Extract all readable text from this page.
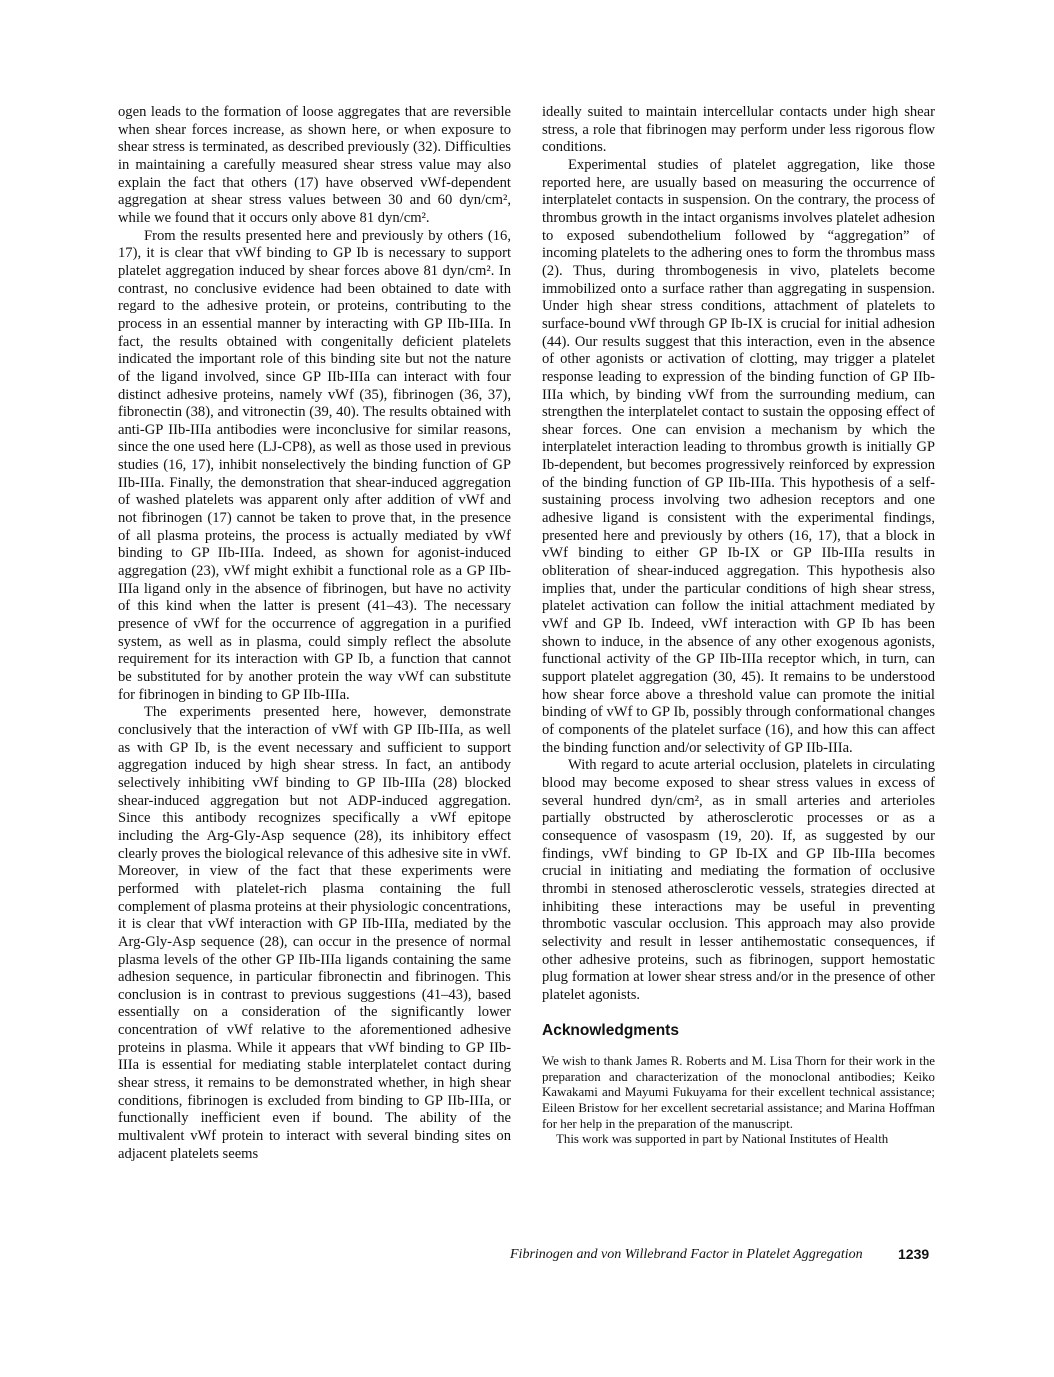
ogen leads to the formation of loose aggregates that are reversible when shear forces increase, as shown here, or when exposure to shear stress is terminated, as described previously (32). Difficulties in maintaining a carefully measured shear stress value may also explain the fact that others (17) have observed vWf-dependent aggregation at shear stress values between 30 and 60 dyn/cm², while we found that it occurs only above 81 dyn/cm².

From the results presented here and previously by others (16, 17), it is clear that vWf binding to GP Ib is necessary to support platelet aggregation induced by shear forces above 81 dyn/cm². In contrast, no conclusive evidence had been obtained to date with regard to the adhesive protein, or proteins, contributing to the process in an essential manner by interacting with GP IIb-IIIa. In fact, the results obtained with congenitally deficient platelets indicated the important role of this binding site but not the nature of the ligand involved, since GP IIb-IIIa can interact with four distinct adhesive proteins, namely vWf (35), fibrinogen (36, 37), fibronectin (38), and vitronectin (39, 40). The results obtained with anti-GP IIb-IIIa antibodies were inconclusive for similar reasons, since the one used here (LJ-CP8), as well as those used in previous studies (16, 17), inhibit nonselectively the binding function of GP IIb-IIIa. Finally, the demonstration that shear-induced aggregation of washed platelets was apparent only after addition of vWf and not fibrinogen (17) cannot be taken to prove that, in the presence of all plasma proteins, the process is actually mediated by vWf binding to GP IIb-IIIa. Indeed, as shown for agonist-induced aggregation (23), vWf might exhibit a functional role as a GP IIb-IIIa ligand only in the absence of fibrinogen, but have no activity of this kind when the latter is present (41–43). The necessary presence of vWf for the occurrence of aggregation in a purified system, as well as in plasma, could simply reflect the absolute requirement for its interaction with GP Ib, a function that cannot be substituted for by another protein the way vWf can substitute for fibrinogen in binding to GP IIb-IIIa.

The experiments presented here, however, demonstrate conclusively that the interaction of vWf with GP IIb-IIIa, as well as with GP Ib, is the event necessary and sufficient to support aggregation induced by high shear stress. In fact, an antibody selectively inhibiting vWf binding to GP IIb-IIIa (28) blocked shear-induced aggregation but not ADP-induced aggregation. Since this antibody recognizes specifically a vWf epitope including the Arg-Gly-Asp sequence (28), its inhibitory effect clearly proves the biological relevance of this adhesive site in vWf. Moreover, in view of the fact that these experiments were performed with platelet-rich plasma containing the full complement of plasma proteins at their physiologic concentrations, it is clear that vWf interaction with GP IIb-IIIa, mediated by the Arg-Gly-Asp sequence (28), can occur in the presence of normal plasma levels of the other GP IIb-IIIa ligands containing the same adhesion sequence, in particular fibronectin and fibrinogen. This conclusion is in contrast to previous suggestions (41–43), based essentially on a consideration of the significantly lower concentration of vWf relative to the aforementioned adhesive proteins in plasma. While it appears that vWf binding to GP IIb-IIIa is essential for mediating stable interplatelet contact during shear stress, it remains to be demonstrated whether, in high shear conditions, fibrinogen is excluded from binding to GP IIb-IIIa, or functionally inefficient even if bound. The ability of the multivalent vWf protein to interact with several binding sites on adjacent platelets seems

ideally suited to maintain intercellular contacts under high shear stress, a role that fibrinogen may perform under less rigorous flow conditions.

Experimental studies of platelet aggregation, like those reported here, are usually based on measuring the occurrence of interplatelet contacts in suspension. On the contrary, the process of thrombus growth in the intact organisms involves platelet adhesion to exposed subendothelium followed by “aggregation” of incoming platelets to the adhering ones to form the thrombus mass (2). Thus, during thrombogenesis in vivo, platelets become immobilized onto a surface rather than aggregating in suspension. Under high shear stress conditions, attachment of platelets to surface-bound vWf through GP Ib-IX is crucial for initial adhesion (44). Our results suggest that this interaction, even in the absence of other agonists or activation of clotting, may trigger a platelet response leading to expression of the binding function of GP IIb-IIIa which, by binding vWf from the surrounding medium, can strengthen the interplatelet contact to sustain the opposing effect of shear forces. One can envision a mechanism by which the interplatelet interaction leading to thrombus growth is initially GP Ib-dependent, but becomes progressively reinforced by expression of the binding function of GP IIb-IIIa. This hypothesis of a self-sustaining process involving two adhesion receptors and one adhesive ligand is consistent with the experimental findings, presented here and previously by others (16, 17), that a block in vWf binding to either GP Ib-IX or GP IIb-IIIa results in obliteration of shear-induced aggregation. This hypothesis also implies that, under the particular conditions of high shear stress, platelet activation can follow the initial attachment mediated by vWf and GP Ib. Indeed, vWf interaction with GP Ib has been shown to induce, in the absence of any other exogenous agonists, functional activity of the GP IIb-IIIa receptor which, in turn, can support platelet aggregation (30, 45). It remains to be understood how shear force above a threshold value can promote the initial binding of vWf to GP Ib, possibly through conformational changes of components of the platelet surface (16), and how this can affect the binding function and/or selectivity of GP IIb-IIIa.

With regard to acute arterial occlusion, platelets in circulating blood may become exposed to shear stress values in excess of several hundred dyn/cm², as in small arteries and arterioles partially obstructed by atherosclerotic processes or as a consequence of vasospasm (19, 20). If, as suggested by our findings, vWf binding to GP Ib-IX and GP IIb-IIIa becomes crucial in initiating and mediating the formation of occlusive thrombi in stenosed atherosclerotic vessels, strategies directed at inhibiting these interactions may be useful in preventing thrombotic vascular occlusion. This approach may also provide selectivity and result in lesser antihemostatic consequences, if other adhesive proteins, such as fibrinogen, support hemostatic plug formation at lower shear stress and/or in the presence of other platelet agonists.

Acknowledgments

We wish to thank James R. Roberts and M. Lisa Thorn for their work in the preparation and characterization of the monoclonal antibodies; Keiko Kawakami and Mayumi Fukuyama for their excellent technical assistance; Eileen Bristow for her excellent secretarial assistance; and Marina Hoffman for her help in the preparation of the manuscript.

This work was supported in part by National Institutes of Health

Fibrinogen and von Willebrand Factor in Platelet Aggregation	1239
